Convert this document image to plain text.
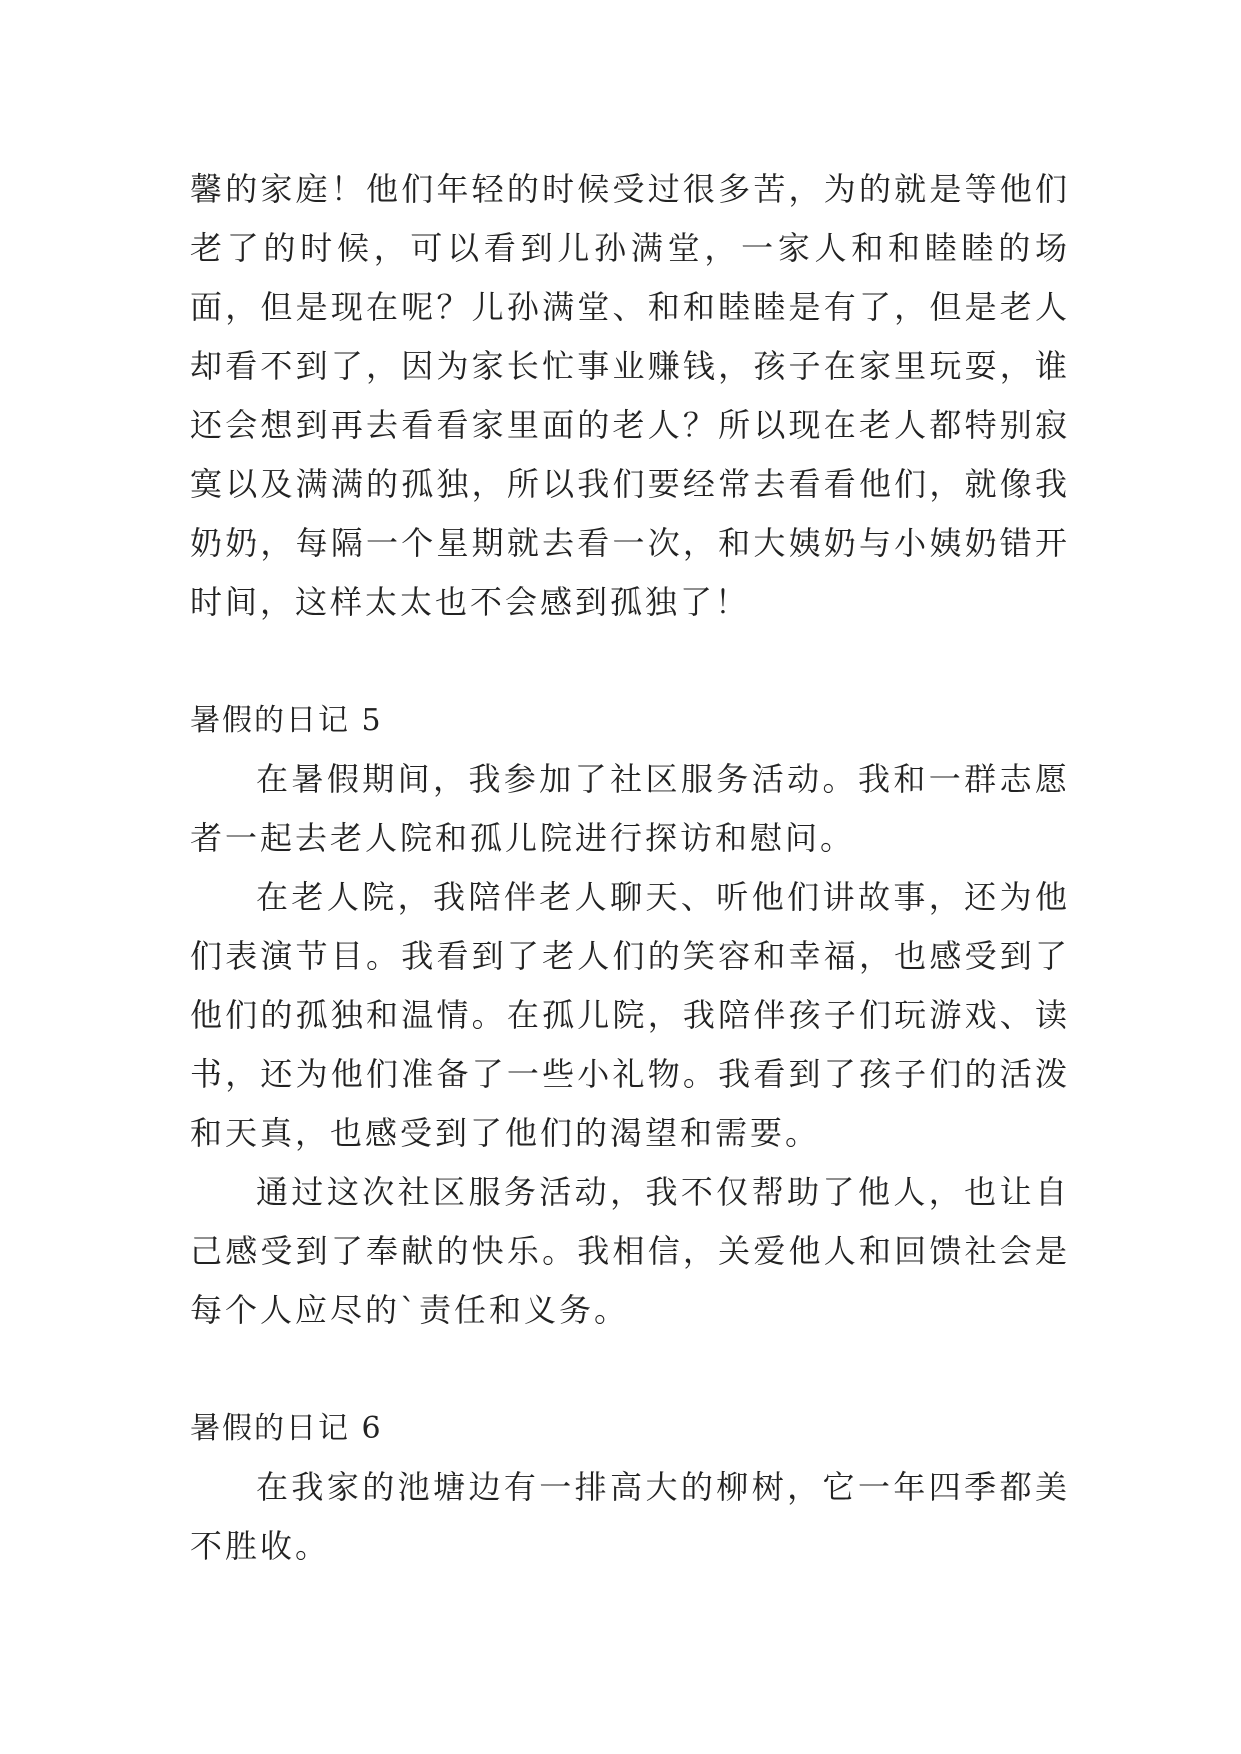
馨的家庭！他们年轻的时候受过很多苦，为的就是等他们老了的时候，可以看到儿孙满堂，一家人和和睦睦的场面，但是现在呢？儿孙满堂、和和睦睦是有了，但是老人却看不到了，因为家长忙事业赚钱，孩子在家里玩耍，谁还会想到再去看看家里面的老人？所以现在老人都特别寂寞以及满满的孤独，所以我们要经常去看看他们，就像我奶奶，每隔一个星期就去看一次，和大姨奶与小姨奶错开时间，这样太太也不会感到孤独了！

暑假的日记 5

在暑假期间，我参加了社区服务活动。我和一群志愿者一起去老人院和孤儿院进行探访和慰问。

在老人院，我陪伴老人聊天、听他们讲故事，还为他们表演节目。我看到了老人们的笑容和幸福，也感受到了他们的孤独和温情。在孤儿院，我陪伴孩子们玩游戏、读书，还为他们准备了一些小礼物。我看到了孩子们的活泼和天真，也感受到了他们的渴望和需要。

通过这次社区服务活动，我不仅帮助了他人，也让自己感受到了奉献的快乐。我相信，关爱他人和回馈社会是每个人应尽的`责任和义务。

暑假的日记 6

在我家的池塘边有一排高大的柳树，它一年四季都美不胜收。
